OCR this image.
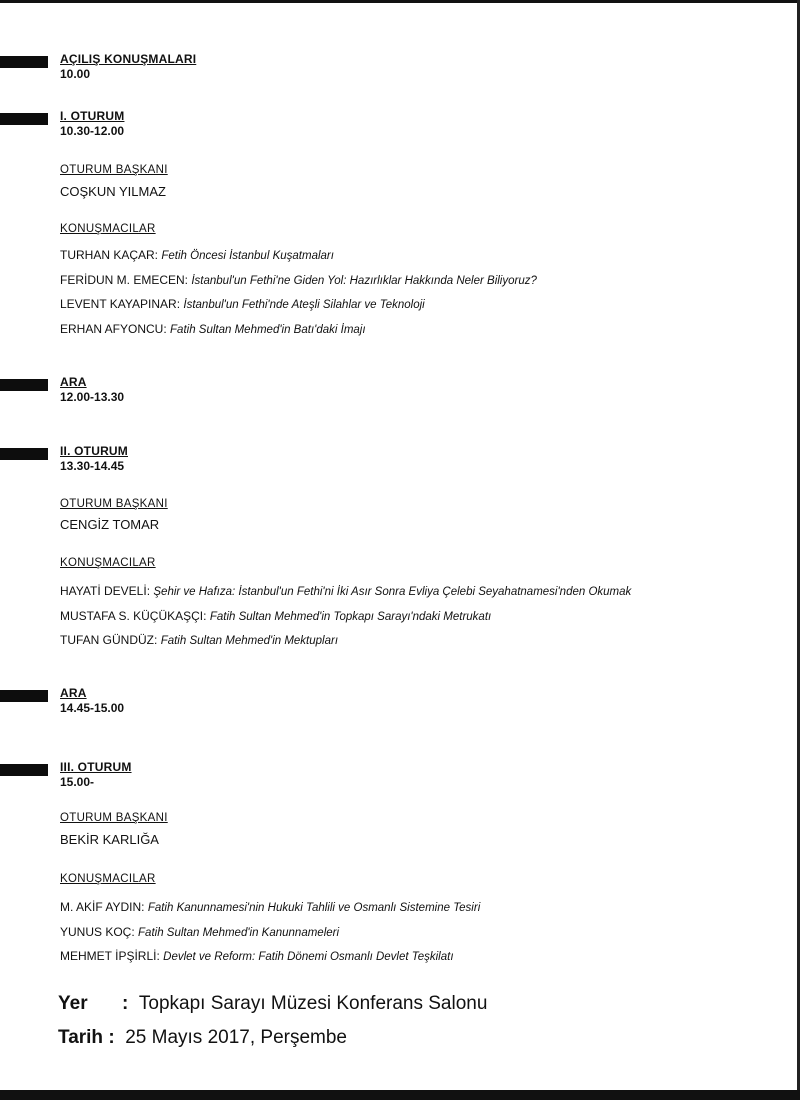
AÇILIŞ KONUŞMALARI
10.00
I. OTURUM
10.30-12.00
OTURUM BAŞKANI
COŞKUN YILMAZ
KONUŞMACILAR
TURHAN KAÇAR: Fetih Öncesi İstanbul Kuşatmaları
FERİDUN M. EMECEN: İstanbul'un Fethi'ne Giden Yol: Hazırlıklar Hakkında Neler Biliyoruz?
LEVENT KAYAPINAR: İstanbul'un Fethi'nde Ateşli Silahlar ve Teknoloji
ERHAN AFYONCU: Fatih Sultan Mehmed'in Batı'daki İmajı
ARA
12.00-13.30
II. OTURUM
13.30-14.45
OTURUM BAŞKANI
CENGİZ TOMAR
KONUŞMACILAR
HAYATİ DEVELİ: Şehir ve Hafıza: İstanbul'un Fethi'ni İki Asır Sonra Evliya Çelebi Seyahatnamesi'nden Okumak
MUSTAFA S. KÜÇÜKAŞÇI: Fatih Sultan Mehmed'in Topkapı Sarayı'ndaki Metrukatı
TUFAN GÜNDÜZ: Fatih Sultan Mehmed'in Mektupları
ARA
14.45-15.00
III. OTURUM
15.00-
OTURUM BAŞKANI
BEKİR KARLIĞA
KONUŞMACILAR
M. AKİF AYDIN: Fatih Kanunnamesi'nin Hukuki Tahlili ve Osmanlı Sistemine Tesiri
YUNUS KOÇ: Fatih Sultan Mehmed'in Kanunnameleri
MEHMET İPŞİRLİ: Devlet ve Reform: Fatih Dönemi Osmanlı Devlet Teşkilatı
Yer : Topkapı Sarayı Müzesi Konferans Salonu
Tarih : 25 Mayıs 2017, Perşembe
